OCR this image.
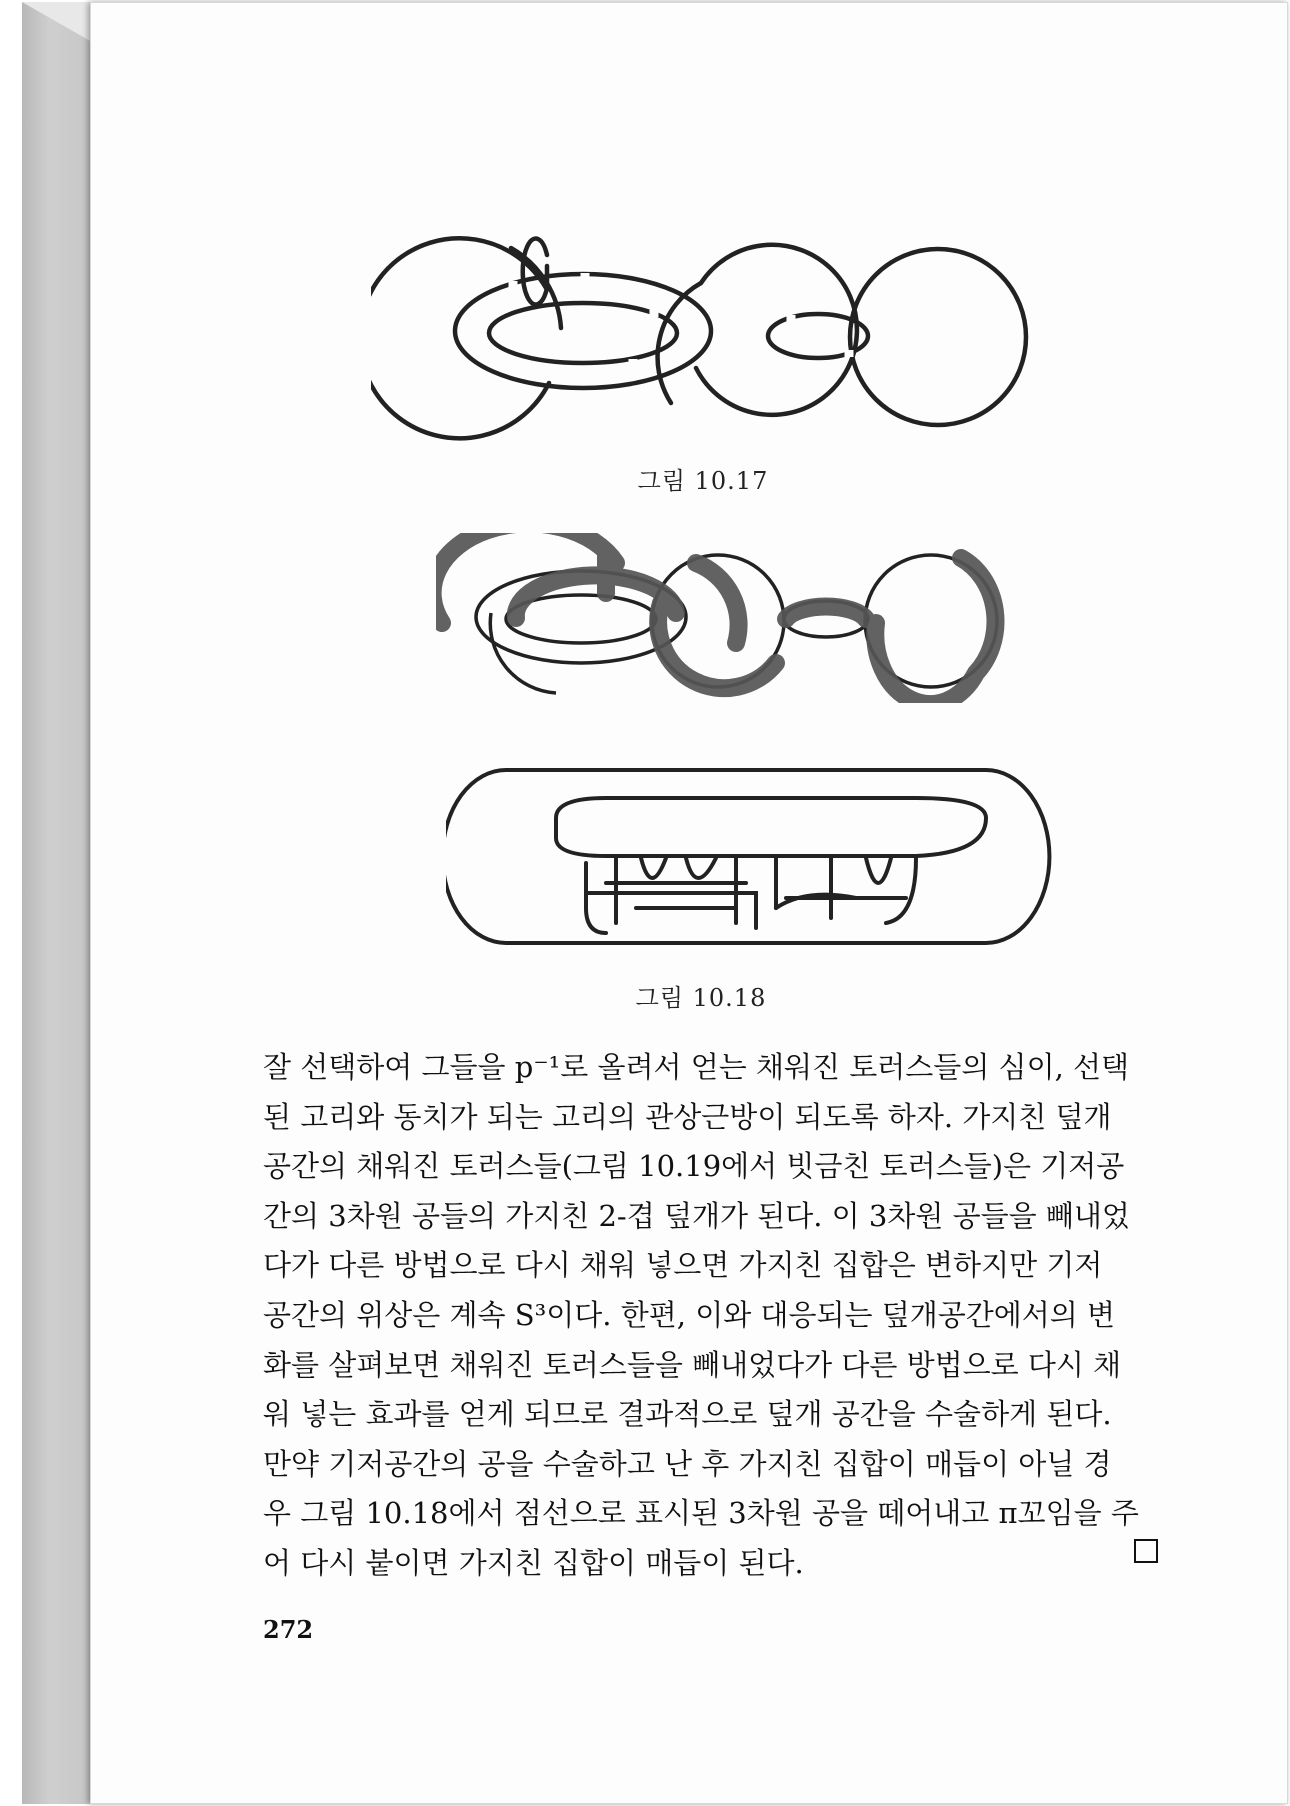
그림 10.17
그림 10.18
잘 선택하여 그들을 p⁻¹로 올려서 얻는 채워진 토러스들의 심이, 선택
된 고리와 동치가 되는 고리의 관상근방이 되도록 하자. 가지친 덮개
공간의 채워진 토러스들(그림 10.19에서 빗금친 토러스들)은 기저공
간의 3차원 공들의 가지친 2-겹 덮개가 된다. 이 3차원 공들을 빼내었
다가 다른 방법으로 다시 채워 넣으면 가지친 집합은 변하지만 기저
공간의 위상은 계속 S³이다. 한편, 이와 대응되는 덮개공간에서의 변
화를 살펴보면 채워진 토러스들을 빼내었다가 다른 방법으로 다시 채
워 넣는 효과를 얻게 되므로 결과적으로 덮개 공간을 수술하게 된다.
만약 기저공간의 공을 수술하고 난 후 가지친 집합이 매듭이 아닐 경
우 그림 10.18에서 점선으로 표시된 3차원 공을 떼어내고 π꼬임을 주
어 다시 붙이면 가지친 집합이 매듭이 된다.
272
